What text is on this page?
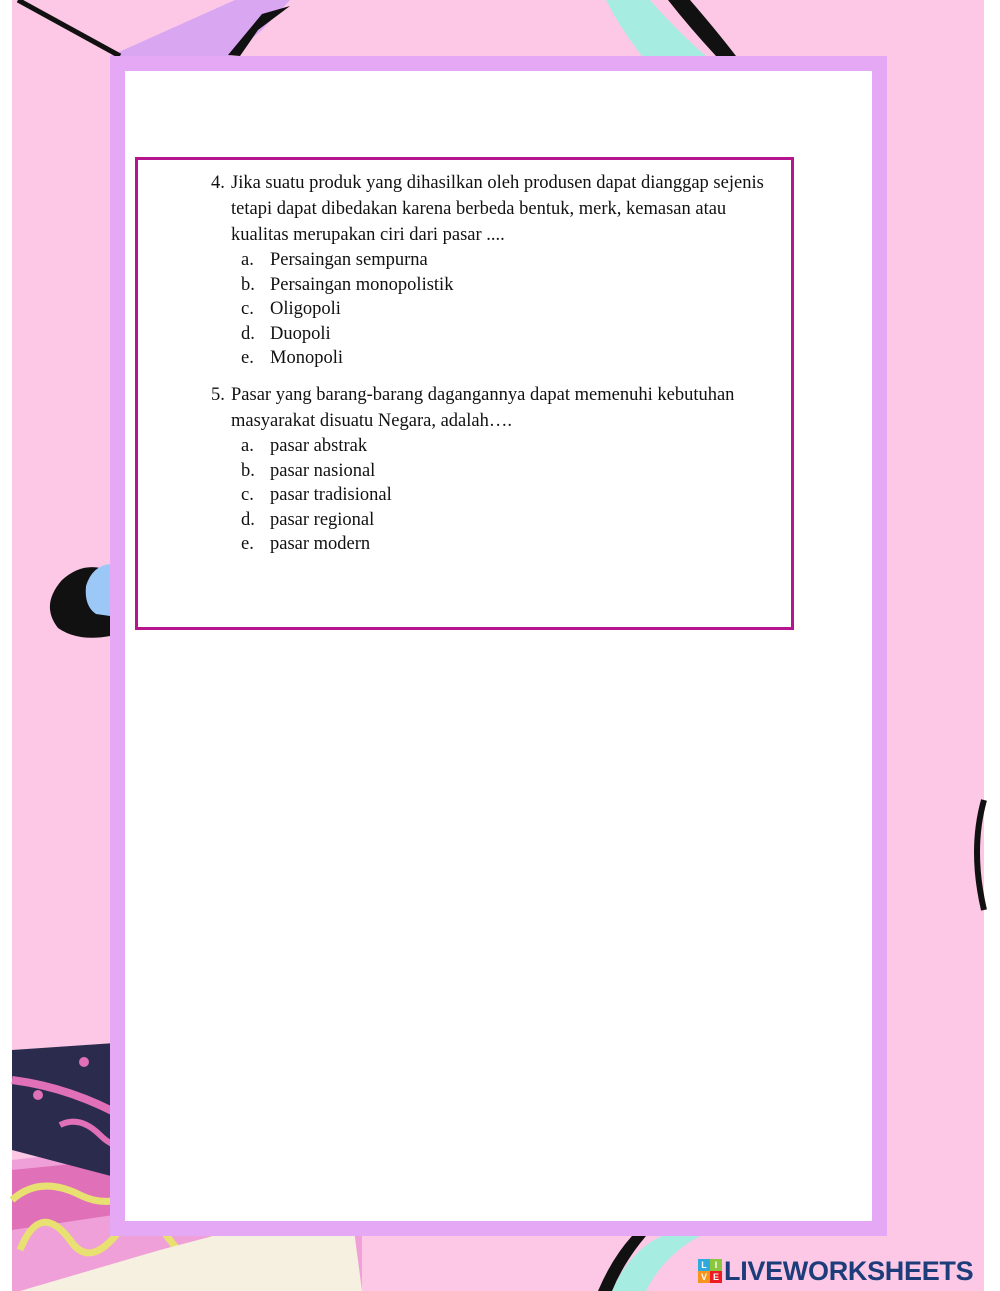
4. Jika suatu produk yang dihasilkan oleh produsen dapat dianggap sejenis tetapi dapat dibedakan karena berbeda bentuk, merk, kemasan atau kualitas merupakan ciri dari pasar ....

a. Persaingan sempurna
b. Persaingan monopolistik
c. Oligopoli
d. Duopoli
e. Monopoli

5. Pasar yang barang-barang dagangannya dapat memenuhi kebutuhan masyarakat disuatu Negara, adalah….

a. pasar abstrak
b. pasar nasional
c. pasar tradisional
d. pasar regional
e. pasar modern
L I
V E LIVEWORKSHEETS
